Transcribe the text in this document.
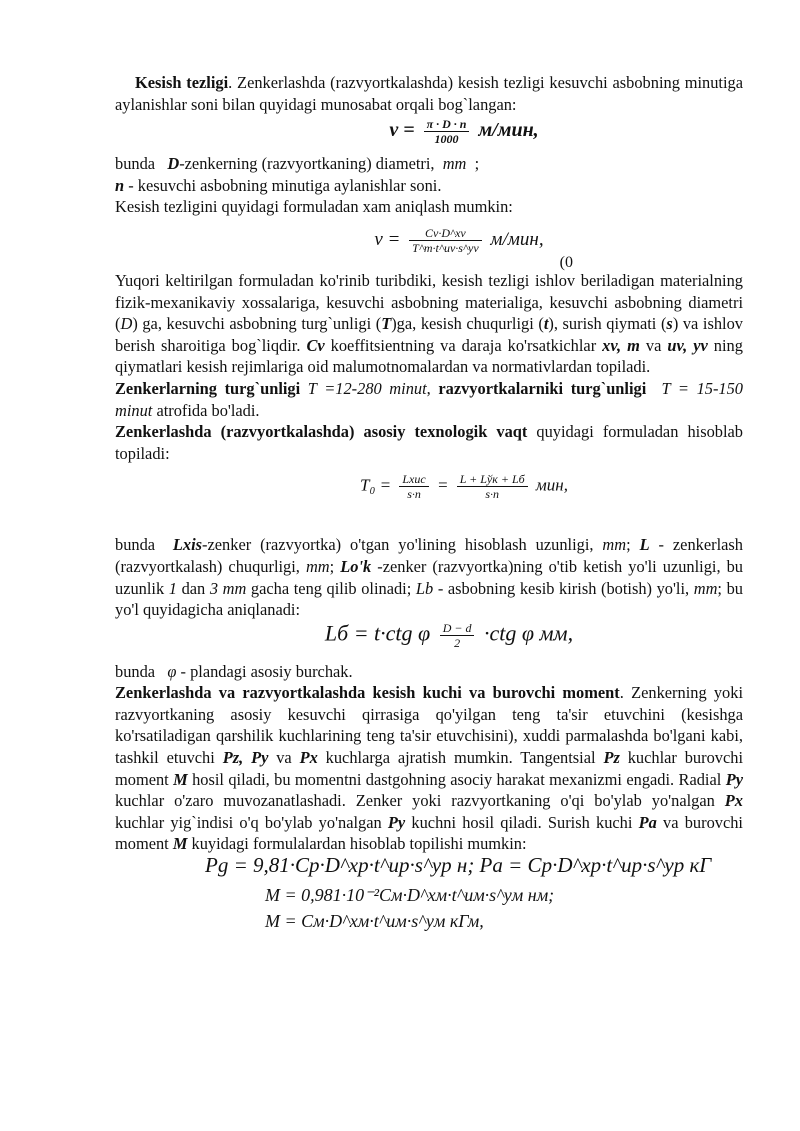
Kesish tezligi. Zenkerlashda (razvyortkalashda) kesish tezligi kesuvchi asbobning minutiga aylanishlar soni bilan quyidagi munosabat orqali bog`langan:

$v = \frac{\pi \cdot D \cdot n}{1000} м/мин$,

bunda D-zenkerning (razvyortkaning) diametri, mm ;

n - kesuvchi asbobning minutiga aylanishlar soni.

Kesish tezligini quyidagi formuladan xam aniqlash mumkin:

$v = \frac{Cv\cdot D\^{}xv}{T\^{}m\cdot t\^{}uv\cdot s\^{}yv} м/мин$,
(0

Yuqori keltirilgan formuladan ko'rinib turibdiki, kesish tezligi ishlov beriladigan materialning fizik-mexanikaviy xossalariga, kesuvchi asbobning materialiga, kesuvchi asbobning diametri (D) ga, kesuvchi asbobning turg`unligi (T)ga, kesish chuqurligi (t), surish qiymati (s) va ishlov berish sharoitiga bog`liqdir. Cv koeffitsientning va daraja ko'rsatkichlar xv, m va uv, yv ning qiymatlari kesish rejimlariga oid malumotnomalardan va normativlardan topiladi.

Zenkerlarning turg`unligi T =12-280 minut, razvyortkalarniki turg`unligi T = 15-150 minut atrofida bo'ladi.

Zenkerlashda (razvyortkalashda) asosiy texnologik vaqt quyidagi formuladan hisoblab topiladi:

$T_0 = \frac{\text{Lxис}}{s\cdot n} = \frac{\text{L + Lўк + Lб}}{s\cdot n}$ мин,

bunda Lxis-zenker (razvyortka) o'tgan yo'lining hisoblash uzunligi, mm; L - zenkerlash (razvyortkalash) chuqurligi, mm; Lo'k -zenker (razvyortka)ning o'tib ketish yo'li uzunligi, bu uzunlik 1 dan 3 mm gacha teng qilib olinadi; Lb - asbobning kesib kirish (botish) yo'li, mm; bu yo'l quyidagicha aniqlanadi:

Lб = t·ctg φ $\frac{D - d}{2} \cdot ctg$ φ мм,

bunda φ - plandagi asosiy burchak.

Zenkerlashda va razvyortkalashda kesish kuchi va burovchi moment. Zenkerning yoki razvyortkaning asosiy kesuvchi qirrasiga qo'yilgan teng ta'sir etuvchini (kesishga ko'rsatiladigan qarshilik kuchlarining teng ta'sir etuvchisini), xuddi parmalashda bo'lgani kabi, tashkil etuvchi Pz, Py va Px kuchlarga ajratish mumkin. Tangentsial Pz kuchlar burovchi moment M hosil qiladi, bu momentni dastgohning asociy harakat mexanizmi engadi. Radial Py kuchlar o'zaro muvozanatlashadi. Zenker yoki razvyortkaning o'qi bo'ylab yo'nalgan Px kuchlar yig`indisi o'q bo'ylab yo'nalgan Py kuchni hosil qiladi. Surish kuchi Pa va burovchi moment M kuyidagi formulalardan hisoblab topilishi mumkin:

Pg = 9,81·Cp·D^xp·t^up·s^yp н; Pa = Cp·D^xp·t^up·s^yp кГ
M = 0,981·10⁻²Cм·D^xм·t^uм·s^yм нм;
M = Cм·D^xм·t^uм·s^yм кГм,
